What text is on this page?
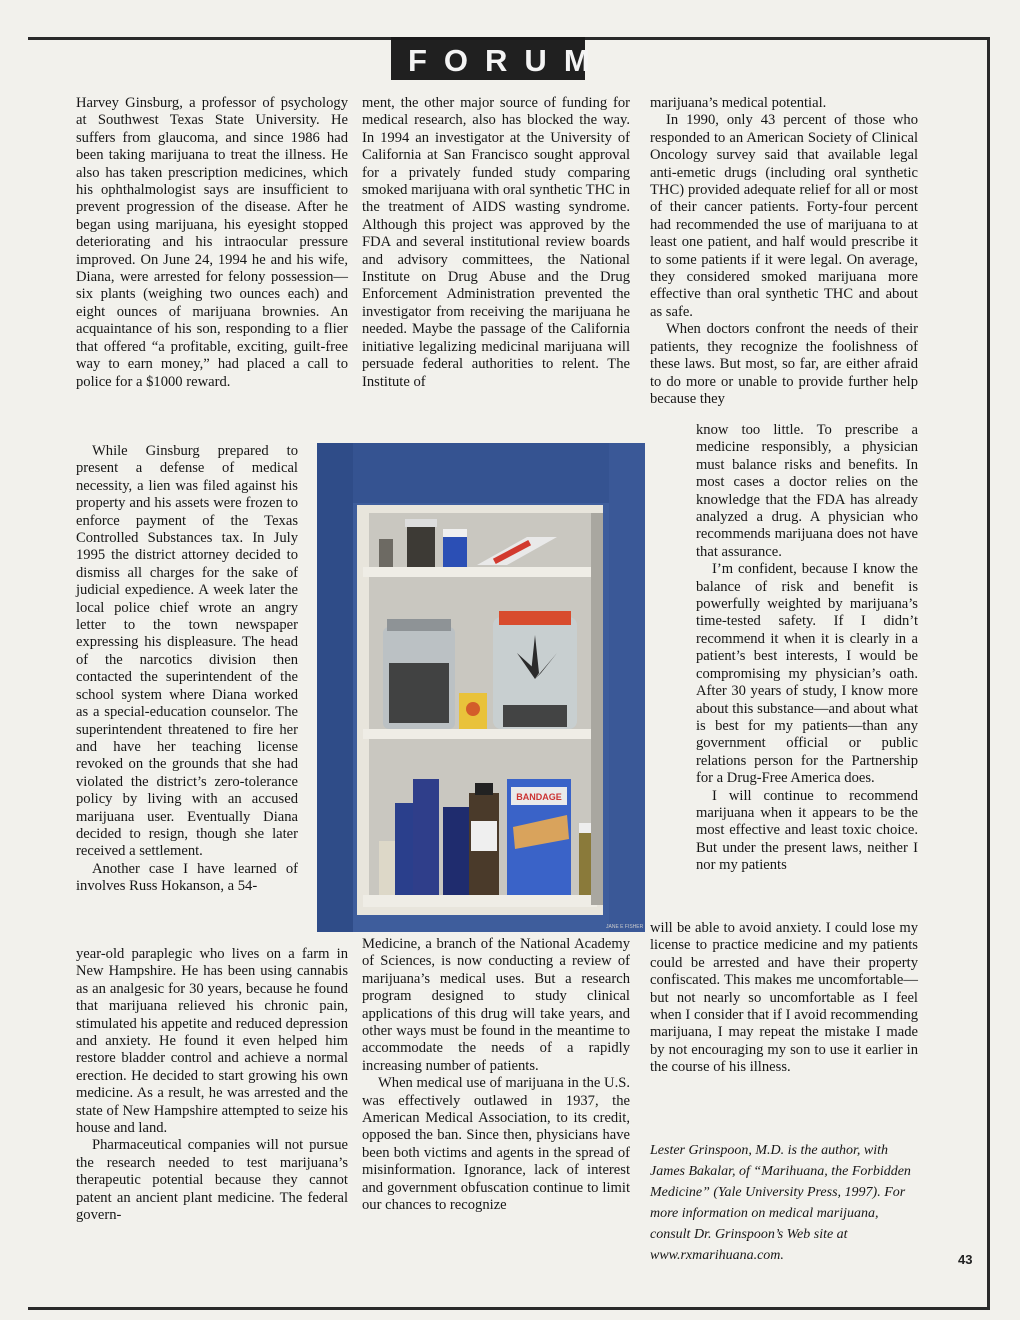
FORUM

Harvey Ginsburg, a professor of psychology at Southwest Texas State University. He suffers from glaucoma, and since 1986 had been taking marijuana to treat the illness. He also has taken prescription medicines, which his ophthalmologist says are insufficient to prevent progression of the disease. After he began using marijuana, his eyesight stopped deteriorating and his intraocular pressure improved. On June 24, 1994 he and his wife, Diana, were arrested for felony possession—six plants (weighing two ounces each) and eight ounces of marijuana brownies. An acquaintance of his son, responding to a flier that offered “a profitable, exciting, guilt-free way to earn money,” had placed a call to police for a $1000 reward.

While Ginsburg prepared to present a defense of medical necessity, a lien was filed against his property and his assets were frozen to enforce payment of the Texas Controlled Substances tax. In July 1995 the district attorney decided to dismiss all charges for the sake of judicial expedience. A week later the local police chief wrote an angry letter to the town newspaper expressing his displeasure. The head of the narcotics division then contacted the superintendent of the school system where Diana worked as a special-education counselor. The superintendent threatened to fire her and have her teaching license revoked on the grounds that she had violated the district’s zero-tolerance policy by living with an accused marijuana user. Eventually Diana decided to resign, though she later received a settlement.

Another case I have learned of involves Russ Hokanson, a 54-

year-old paraplegic who lives on a farm in New Hampshire. He has been using cannabis as an analgesic for 30 years, because he found that marijuana relieved his chronic pain, stimulated his appetite and reduced depression and anxiety. He found it even helped him restore bladder control and achieve a normal erection. He decided to start growing his own medicine. As a result, he was arrested and the state of New Hampshire attempted to seize his house and land.

Pharmaceutical companies will not pursue the research needed to test marijuana’s therapeutic potential because they cannot patent an ancient plant medicine. The federal govern-

ment, the other major source of funding for medical research, also has blocked the way. In 1994 an investigator at the University of California at San Francisco sought approval for a privately funded study comparing smoked marijuana with oral synthetic THC in the treatment of AIDS wasting syndrome. Although this project was approved by the FDA and several institutional review boards and advisory committees, the National Institute on Drug Abuse and the Drug Enforcement Administration prevented the investigator from receiving the marijuana he needed. Maybe the passage of the California initiative legalizing medicinal marijuana will persuade federal authorities to relent. The Institute of

Medicine, a branch of the National Academy of Sciences, is now conducting a review of marijuana’s medical uses. But a research program designed to study clinical applications of this drug will take years, and other ways must be found in the meantime to accommodate the needs of a rapidly increasing number of patients.

When medical use of marijuana in the U.S. was effectively outlawed in 1937, the American Medical Association, to its credit, opposed the ban. Since then, physicians have been both victims and agents in the spread of misinformation. Ignorance, lack of interest and government obfuscation continue to limit our chances to recognize

marijuana’s medical potential.

In 1990, only 43 percent of those who responded to an American Society of Clinical Oncology survey said that available legal anti-emetic drugs (including oral synthetic THC) provided adequate relief for all or most of their cancer patients. Forty-four percent had recommended the use of marijuana to at least one patient, and half would prescribe it to some patients if it were legal. On average, they considered smoked marijuana more effective than oral synthetic THC and about as safe.

When doctors confront the needs of their patients, they recognize the foolishness of these laws. But most, so far, are either afraid to do more or unable to provide further help because they

know too little. To prescribe a medicine responsibly, a physician must balance risks and benefits. In most cases a doctor relies on the knowledge that the FDA has already analyzed a drug. A physician who recommends marijuana does not have that assurance.

I’m confident, because I know the balance of risk and benefit is powerfully weighted by marijuana’s time-tested safety. If I didn’t recommend it when it is clearly in a patient’s best interests, I would be compromising my physician’s oath. After 30 years of study, I know more about this substance—and about what is best for my patients—than any government official or public relations person for the Partnership for a Drug-Free America does.

I will continue to recommend marijuana when it appears to be the most effective and least toxic choice. But under the present laws, neither I nor my patients

will be able to avoid anxiety. I could lose my license to practice medicine and my patients could be arrested and have their property confiscated. This makes me uncomfortable—but not nearly so uncomfortable as I feel when I consider that if I avoid recommending marijuana, I may repeat the mistake I made by not encouraging my son to use it earlier in the course of his illness.

Lester Grinspoon, M.D. is the author, with James Bakalar, of “Marihuana, the Forbidden Medicine” (Yale University Press, 1997). For more information on medical marijuana, consult Dr. Grinspoon’s Web site at www.rxmarihuana.com.
BANDAGE
JANE E FISHER
43
